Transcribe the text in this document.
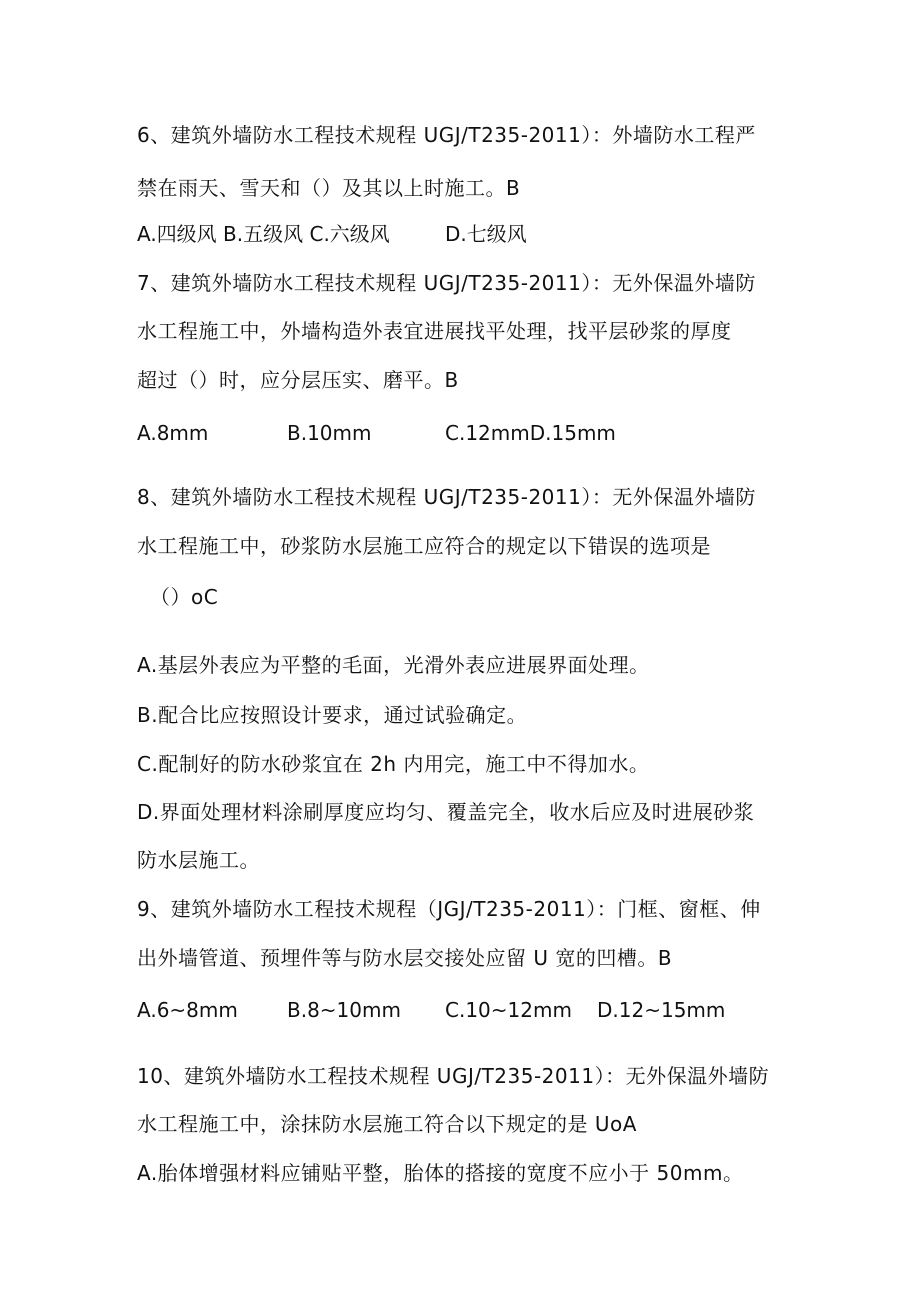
6、建筑外墙防水工程技术规程 UGJ/T235-2011）：外墙防水工程严
禁在雨天、雪天和（）及其以上时施工。B
A.四级风 B.五级风 C.六级风	D.七级风
7、建筑外墙防水工程技术规程 UGJ/T235-2011）：无外保温外墙防
水工程施工中，外墙构造外表宜进展找平处理，找平层砂浆的厚度
超过（）时，应分层压实、磨平。B
A.8mm	B.10mm	C.12mmD.15mm
8、建筑外墙防水工程技术规程 UGJ/T235-2011）：无外保温外墙防
水工程施工中，砂浆防水层施工应符合的规定以下错误的选项是
（）oC
A.基层外表应为平整的毛面，光滑外表应进展界面处理。
B.配合比应按照设计要求，通过试验确定。
C.配制好的防水砂浆宜在 2h 内用完，施工中不得加水。
D.界面处理材料涂刷厚度应均匀、覆盖完全，收水后应及时进展砂浆
防水层施工。
9、建筑外墙防水工程技术规程（JGJ/T235-2011）：门框、窗框、伸
出外墙管道、预埋件等与防水层交接处应留 U 宽的凹槽。B
A.6~8mm B.8~10mm C.10~12mm D.12~15mm
10、建筑外墙防水工程技术规程 UGJ/T235-2011）：无外保温外墙防
水工程施工中，涂抹防水层施工符合以下规定的是 UoA
A.胎体增强材料应铺贴平整，胎体的搭接的宽度不应小于 50mm。
